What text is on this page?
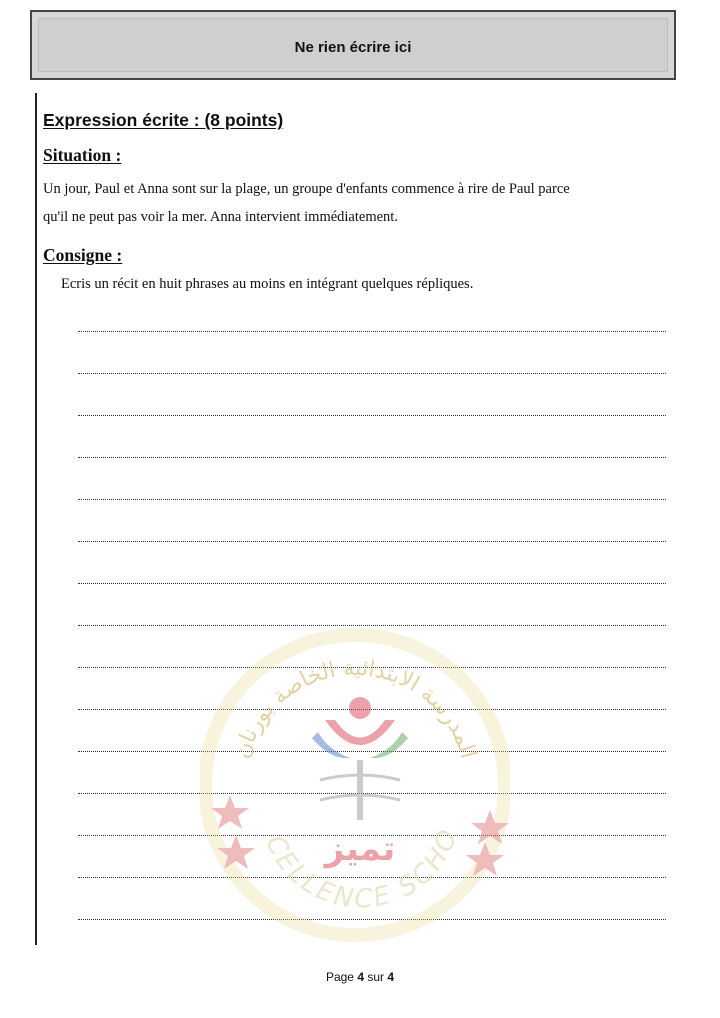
Ne rien écrire ici
Expression écrite : (8 points)
Situation :

Un jour, Paul et Anna sont sur la plage, un groupe d'enfants commence à rire de Paul parce

qu'il ne peut pas voir la mer. Anna intervient immédiatement.

Consigne :
Ecris un récit en huit phrases au moins en intégrant quelques répliques.
المدرسة الابتدائية الخاصة بورنان
CELLENCE SCHO
تميز
Page 4 sur 4
